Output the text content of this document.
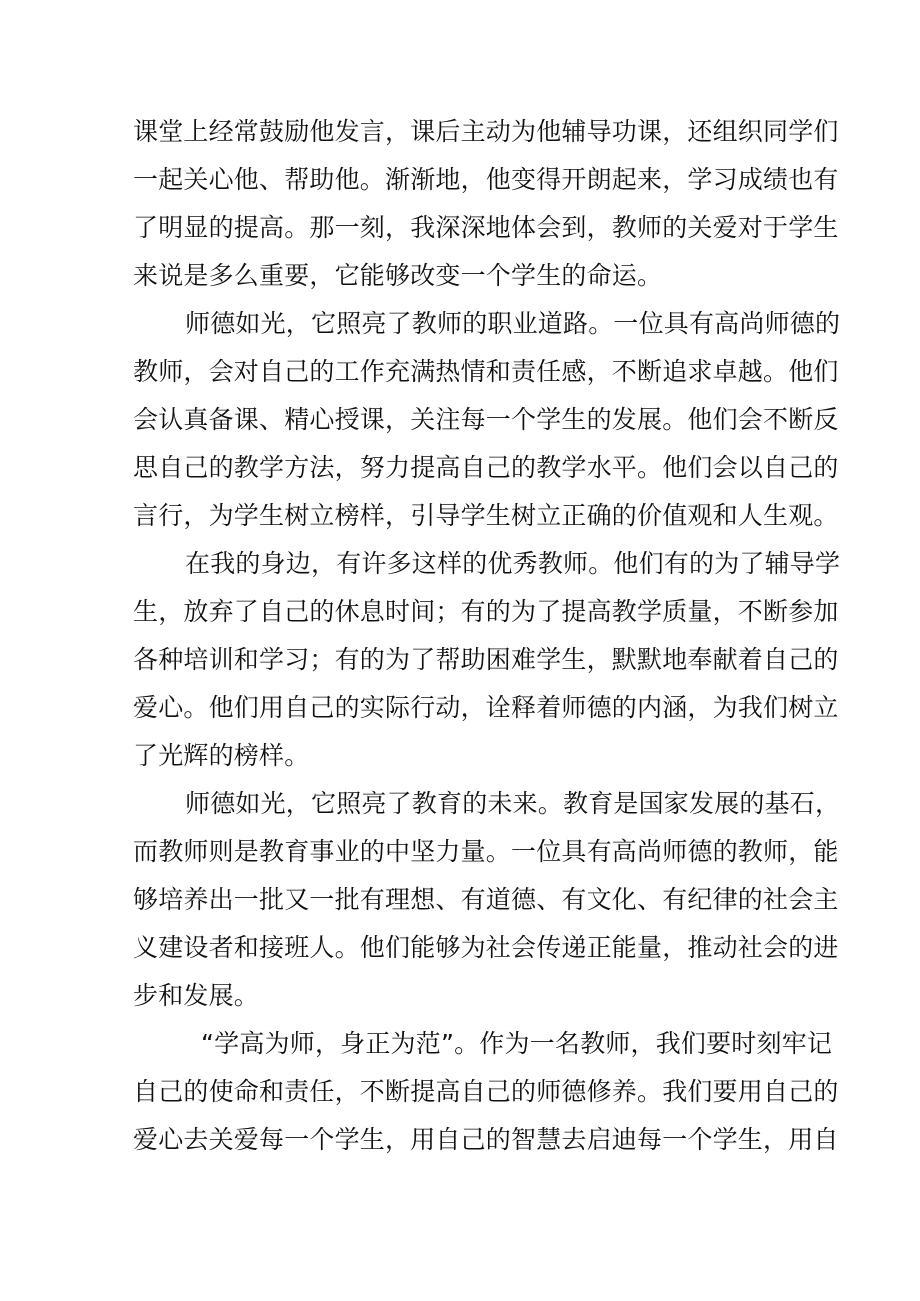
课堂上经常鼓励他发言，课后主动为他辅导功课，还组织同学们
一起关心他、帮助他。渐渐地，他变得开朗起来，学习成绩也有
了明显的提高。那一刻，我深深地体会到，教师的关爱对于学生
来说是多么重要，它能够改变一个学生的命运。
师德如光，它照亮了教师的职业道路。一位具有高尚师德的
教师，会对自己的工作充满热情和责任感，不断追求卓越。他们
会认真备课、精心授课，关注每一个学生的发展。他们会不断反
思自己的教学方法，努力提高自己的教学水平。他们会以自己的
言行，为学生树立榜样，引导学生树立正确的价值观和人生观。
在我的身边，有许多这样的优秀教师。他们有的为了辅导学
生，放弃了自己的休息时间；有的为了提高教学质量，不断参加
各种培训和学习；有的为了帮助困难学生，默默地奉献着自己的
爱心。他们用自己的实际行动，诠释着师德的内涵，为我们树立
了光辉的榜样。
师德如光，它照亮了教育的未来。教育是国家发展的基石，
而教师则是教育事业的中坚力量。一位具有高尚师德的教师，能
够培养出一批又一批有理想、有道德、有文化、有纪律的社会主
义建设者和接班人。他们能够为社会传递正能量，推动社会的进
步和发展。
“学高为师，身正为范”。作为一名教师，我们要时刻牢记
自己的使命和责任，不断提高自己的师德修养。我们要用自己的
爱心去关爱每一个学生，用自己的智慧去启迪每一个学生，用自
